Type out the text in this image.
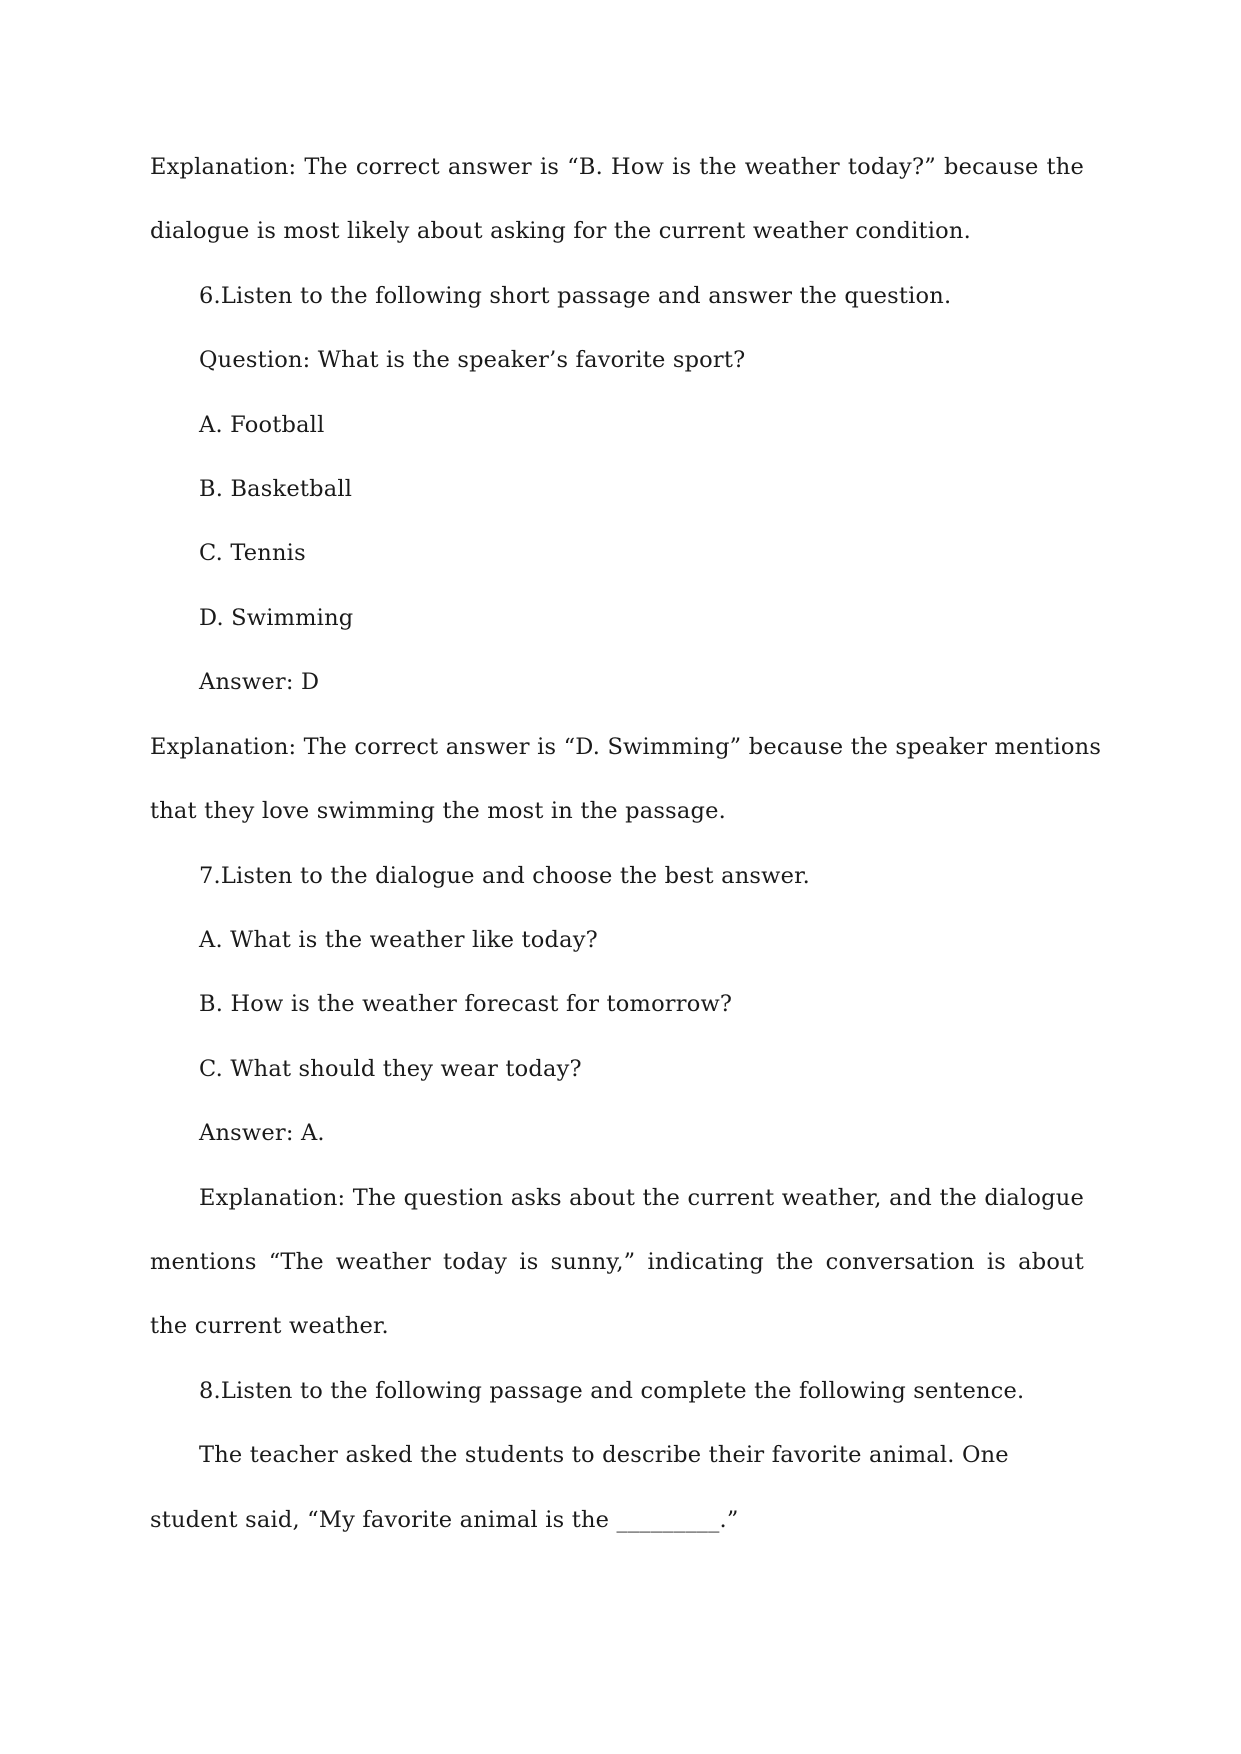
Explanation: The correct answer is “B. How is the weather today?” because the

dialogue is most likely about asking for the current weather condition.

6.Listen to the following short passage and answer the question.

Question: What is the speaker’s favorite sport?

A. Football

B. Basketball

C. Tennis

D. Swimming

Answer: D

Explanation: The correct answer is “D. Swimming” because the speaker mentions

that they love swimming the most in the passage.

7.Listen to the dialogue and choose the best answer.

A. What is the weather like today?

B. How is the weather forecast for tomorrow?

C. What should they wear today?

Answer: A.

Explanation: The question asks about the current weather, and the dialogue

mentions “The weather today is sunny,” indicating the conversation is about

the current weather.

8.Listen to the following passage and complete the following sentence.

The teacher asked the students to describe their favorite animal. One

student said, “My favorite animal is the _________.”
